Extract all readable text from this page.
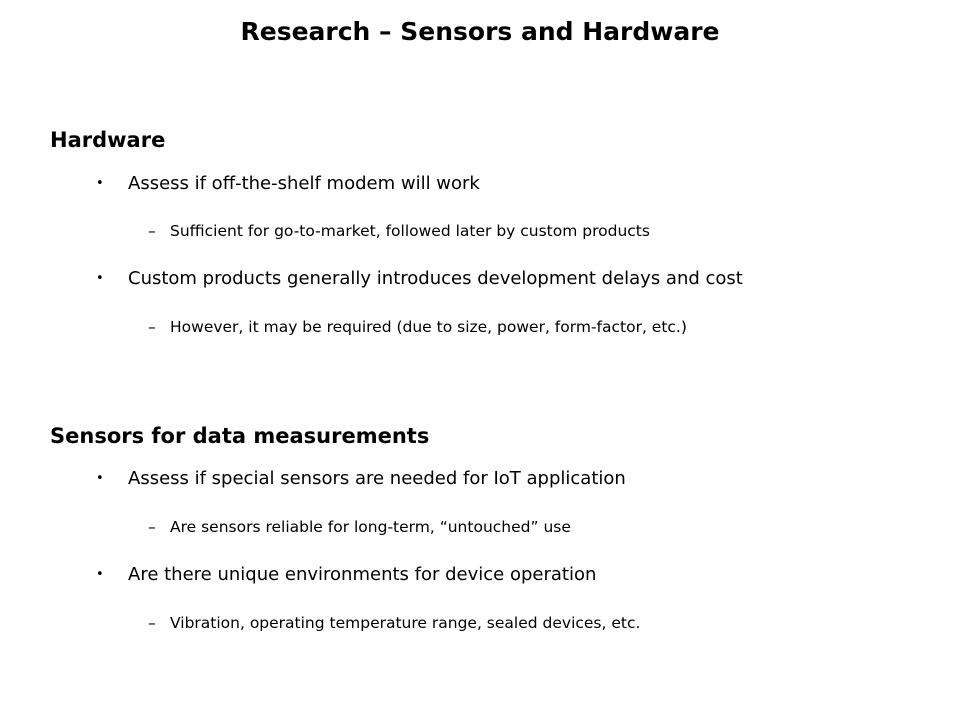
Research – Sensors and Hardware
Hardware
• Assess if off-the-shelf modem will work
– Sufficient for go-to-market, followed later by custom products
• Custom products generally introduces development delays and cost
– However, it may be required (due to size, power, form-factor, etc.)
Sensors for data measurements
• Assess if special sensors are needed for IoT application
– Are sensors reliable for long-term, “untouched” use
• Are there unique environments for device operation
– Vibration, operating temperature range, sealed devices, etc.
